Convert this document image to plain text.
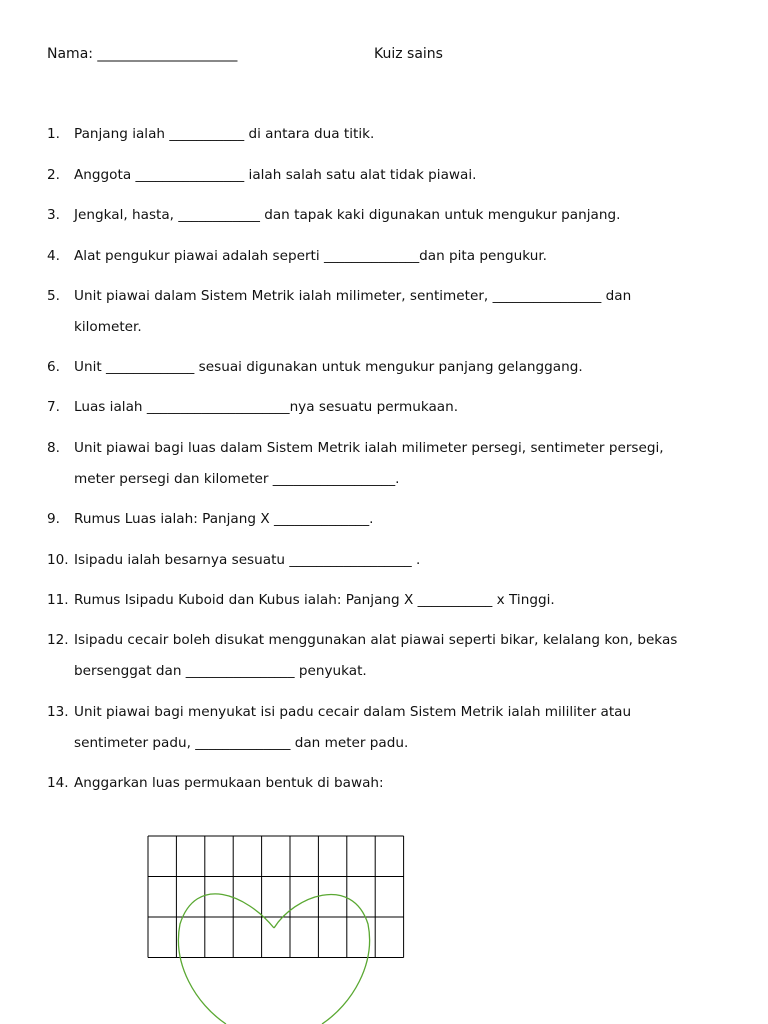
Nama: ____________________	Kuiz sains
1.	Panjang ialah ___________ di antara dua titik.
2.	Anggota ________________ ialah salah satu alat tidak piawai.
3.	Jengkal, hasta, ____________ dan tapak kaki digunakan untuk mengukur panjang.
4.	Alat pengukur piawai adalah seperti ______________dan pita pengukur.
5.	Unit piawai dalam Sistem Metrik ialah milimeter, sentimeter, ________________ dan
kilometer.
6.	Unit _____________ sesuai digunakan untuk mengukur panjang gelanggang.
7.	Luas ialah _____________________nya sesuatu permukaan.
8.	Unit piawai bagi luas dalam Sistem Metrik ialah milimeter persegi, sentimeter persegi,
meter persegi dan kilometer __________________.
9.	Rumus Luas ialah: Panjang X ______________.
10. Isipadu ialah besarnya sesuatu __________________ .
11. Rumus Isipadu Kuboid dan Kubus ialah: Panjang X ___________ x Tinggi.
12. Isipadu cecair boleh disukat menggunakan alat piawai seperti bikar, kelalang kon, bekas
bersenggat dan ________________ penyukat.
13. Unit piawai bagi menyukat isi padu cecair dalam Sistem Metrik ialah mililiter atau
sentimeter padu, ______________ dan meter padu.
14. Anggarkan luas permukaan bentuk di bawah:
